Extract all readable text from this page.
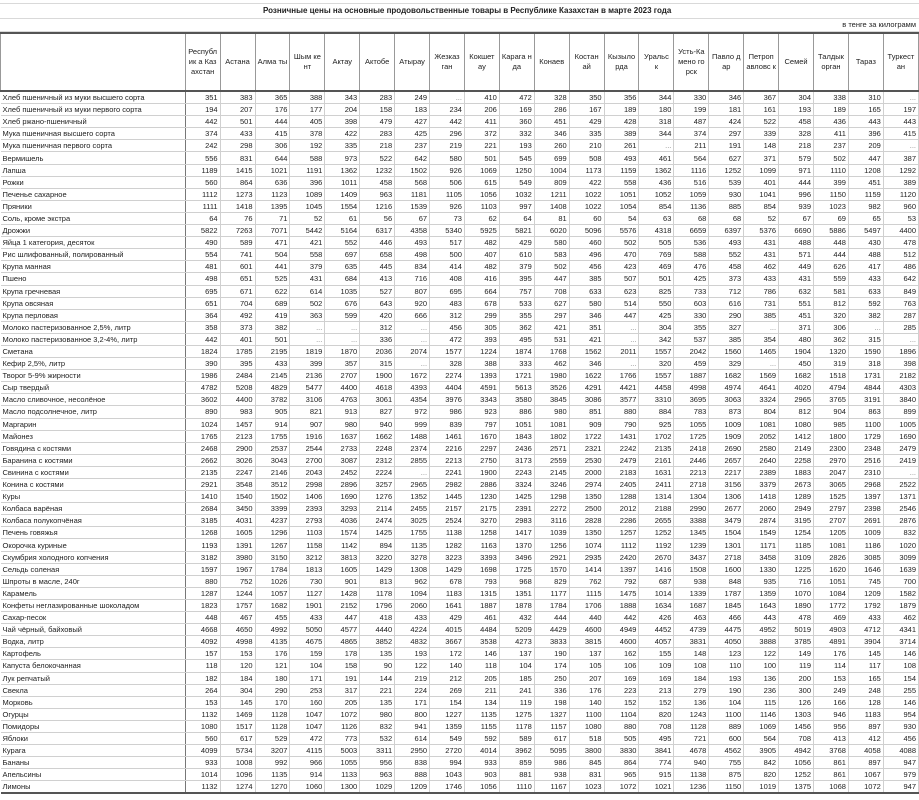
Розничные цены на основные продовольственные товары в Республике Казахстан в марте 2023 года
в тенге за килограмм
	Республик а Казахстан	Астана	Алма ты	Шым кент	Актау	Актобе	Атырау	Жезказ ган	Кокшет ау	Карага нда	Конаев	Костан ай	Кызыло рда	Уральс к	Усть-Камено горск	Павло дар	Петроп авловс к	Семей	Талдык орган	Тараз	Туркест ан
Хлеб пшеничный из муки высшего сорта	351	383	365	388	343	283	249	...	410	472	328	350	356	344	330	346	367	304	338	310	...
Хлеб пшеничный из муки первого сорта	194	207	176	177	204	158	183	234	206	169	286	167	189	180	199	181	161	193	189	165	197
Хлеб ржано-пшеничный	442	501	444	405	398	479	427	442	411	360	451	429	428	318	487	424	522	458	436	443	443
Мука пшеничная высшего сорта	374	433	415	378	422	283	425	296	372	332	346	335	389	344	374	297	339	328	411	396	415
Мука пшеничная первого сорта	242	298	306	192	335	218	237	219	221	193	260	210	261	...	211	191	148	218	237	209	...
Вермишель	556	831	644	588	973	522	642	580	501	545	699	508	493	461	564	627	371	579	502	447	387
Лапша	1189	1415	1021	1191	1362	1232	1502	926	1069	1250	1004	1173	1159	1362	1116	1252	1099	971	1110	1208	1292
Рожки	560	864	636	396	1011	458	568	506	615	549	809	422	558	436	516	539	401	444	399	451	389
Печенье сахарное	1112	1273	1123	1089	1409	963	1181	1105	1056	1032	1211	1022	1051	1052	1059	930	1041	996	1150	1159	1120
Пряники	1111	1418	1395	1045	1554	1216	1539	926	1103	997	1408	1022	1054	854	1136	885	854	939	1023	982	960
Соль, кроме экстра	64	76	71	52	61	56	67	73	62	64	81	60	54	63	68	68	52	67	69	65	53
Дрожжи	5822	7263	7071	5442	5164	6317	4358	5340	5925	5821	6020	5096	5576	4318	6659	6397	5376	6690	5886	5497	4400
Яйца 1 категория, десяток	490	589	471	421	552	446	493	517	482	429	580	460	502	505	536	493	431	488	448	430	478
Рис шлифованный, полированный	554	741	504	558	697	658	498	500	407	610	583	496	470	769	588	552	431	571	444	488	512
Крупа манная	481	601	441	379	635	445	834	414	482	379	502	456	423	469	476	458	462	449	626	417	486
Пшено	498	651	525	431	684	413	716	408	416	395	447	385	507	501	425	373	433	431	559	433	642
Крупа гречневая	695	671	622	614	1035	527	807	695	664	757	708	633	623	825	733	712	786	632	581	633	849
Крупа овсяная	651	704	689	502	676	643	920	483	678	533	627	580	514	550	603	616	731	551	812	592	763
Крупа перловая	364	492	419	363	599	420	666	312	299	355	297	346	447	425	330	290	385	451	320	382	287
Молоко пастеризованное 2,5%, литр	358	373	382	...	...	312	...	456	305	362	421	351	...	304	355	327	...	371	306	...	285
Молоко пастеризованное 3,2-4%, литр	442	401	501	...	...	336	...	472	393	495	531	421	...	342	537	385	354	480	362	315	...
Сметана	1824	1785	2195	1819	1870	2036	2074	1577	1224	1874	1768	1562	2011	1557	2042	1560	1465	1904	1320	1590	1896
Кефир 2,5%, литр	390	395	433	399	357	315	...	328	388	333	462	346	...	320	459	329	...	450	319	318	398
Творог 5-9% жирности	1986	2484	2145	2136	2707	1900	1672	2274	1393	1721	1980	1622	1766	1557	1887	1682	1569	1682	1518	1731	2182
Сыр твердый	4782	5208	4829	5477	4400	4618	4393	4404	4591	5613	3526	4291	4421	4458	4998	4974	4641	4020	4794	4844	4303
Масло сливочное, несолёное	3602	4400	3782	3106	4763	3061	4354	3976	3343	3580	3845	3086	3577	3310	3695	3063	3324	2965	3765	3191	3840
Масло подсолнечное, литр	890	983	905	821	913	827	972	986	923	886	980	851	880	884	783	873	804	812	904	863	899
Маргарин	1024	1457	914	907	980	940	999	839	797	1051	1081	909	790	925	1055	1009	1081	1080	985	1100	1005
Майонез	1765	2123	1755	1916	1637	1662	1488	1461	1670	1843	1802	1722	1431	1702	1725	1909	2052	1412	1800	1729	1690
Говядина с костями	2468	2900	2537	2544	2733	2248	2374	2216	2297	2436	2571	2321	2242	2135	2418	2690	2580	2149	2300	2348	2479
Баранина с костями	2662	3026	3043	2700	3087	2312	2855	2213	2750	3173	2559	2530	2479	2161	2446	2657	2640	2258	2970	2516	2419
Свинина с костями	2135	2247	2146	2043	2452	2224	...	2241	1900	2243	2145	2000	2183	1631	2213	2217	2389	1883	2047	2310	...
Конина с костями	2921	3548	3512	2998	2896	3257	2965	2982	2886	3324	3246	2974	2405	2411	2718	3156	3379	2673	3065	2968	2522
Куры	1410	1540	1502	1406	1690	1276	1352	1445	1230	1425	1298	1350	1288	1314	1304	1306	1418	1289	1525	1397	1371
Колбаса варёная	2684	3450	3399	2393	3293	2114	2455	2157	2175	2391	2272	2500	2012	2188	2990	2677	2060	2949	2797	2398	2546
Колбаса полукопчёная	3185	4031	4237	2793	4036	2474	3025	2524	3270	2983	3116	2828	2286	2655	3388	3479	2874	3195	2707	2691	2876
Печень говяжья	1268	1605	1296	1103	1574	1425	1755	1138	1258	1417	1039	1350	1257	1252	1345	1504	1549	1254	1205	1009	832
Окорочка куриные	1193	1391	1267	1158	1142	894	1135	1282	1163	1370	1256	1074	1112	1192	1239	1301	1171	1185	1081	1186	1020
Скумбрия холодного копчения	3182	3980	3150	3212	3813	3220	3278	3223	3393	3496	2921	2935	2420	2670	3437	2718	3458	3109	2826	3085	3099
Сельдь соленая	1597	1967	1784	1813	1605	1429	1308	1429	1698	1725	1570	1414	1397	1416	1508	1600	1330	1225	1620	1646	1639
Шпроты в масле, 240г	880	752	1026	730	901	813	962	678	793	968	829	762	792	687	938	848	935	716	1051	745	700
Карамель	1287	1244	1057	1127	1428	1178	1094	1183	1315	1351	1177	1115	1475	1014	1339	1787	1359	1070	1084	1209	1582
Конфеты неглазированные шоколадом	1823	1757	1682	1901	2152	1796	2060	1641	1887	1878	1784	1706	1888	1634	1687	1845	1643	1890	1772	1792	1879
Сахар-песок	448	467	455	433	447	418	433	429	461	432	444	440	442	426	463	466	443	478	469	433	462
Чай чёрный, байховый	4668	4650	4992	5050	4577	4440	4224	4015	4484	5209	4429	4600	4949	4452	4739	4475	4952	5019	4903	4712	4341
Водка, литр	4092	4998	4135	4675	4865	3852	4832	3667	3538	4273	3833	3815	4600	4057	3831	4050	3888	3785	4891	3904	3714
Картофель	157	153	176	159	178	135	193	172	146	137	190	137	162	155	148	123	122	149	176	145	146
Капуста белокочанная	118	120	121	104	158	90	122	140	118	104	174	105	106	109	108	110	100	119	114	117	108
Лук репчатый	182	184	180	171	191	144	219	212	205	185	250	207	169	169	184	193	136	200	153	165	154
Свекла	264	304	290	253	317	221	224	269	211	241	336	176	223	213	279	190	236	300	249	248	255
Морковь	153	145	170	160	205	135	171	154	134	119	198	140	152	152	136	104	115	126	166	128	146
Огурцы	1132	1469	1128	1047	1072	980	800	1227	1135	1275	1327	1100	1104	820	1243	1100	1146	1303	946	1183	954
Помидоры	1080	1517	1128	1047	1126	832	941	1359	1155	1178	1157	1080	880	708	1128	889	1069	1456	956	897	930
Яблоки	560	617	529	472	773	532	614	549	592	589	617	518	505	495	721	600	564	708	413	412	456
Курага	4099	5734	3207	4115	5003	3311	2950	2720	4014	3962	5095	3800	3830	3841	4678	4562	3905	4942	3768	4058	4088
Бананы	933	1008	992	966	1055	956	838	994	933	859	986	845	864	774	940	755	842	1056	861	897	947
Апельсины	1014	1096	1135	914	1133	963	888	1043	903	881	938	831	965	915	1138	875	820	1252	861	1067	979
Лимоны	1132	1274	1270	1060	1300	1029	1209	1746	1056	1110	1167	1023	1072	1021	1236	1150	1019	1375	1068	1072	947
